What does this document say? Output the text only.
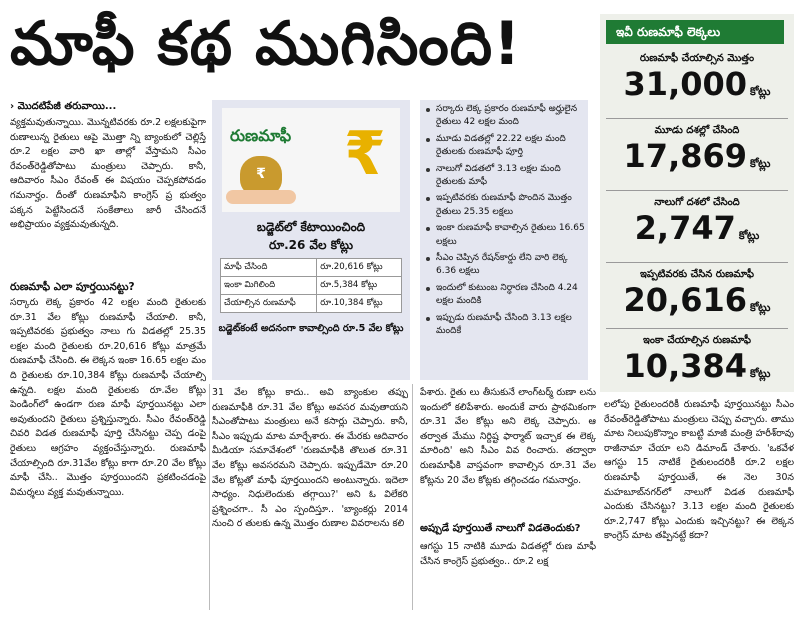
మాఫీ కథ ముగిసింది!
› మొదటిపేజీ తరువాయి...
వ్యక్తమవుతున్నాయి. మొన్నటివరకు రూ.2 లక్షలకుపైగా రుణాలున్న రైతులు ఆపై మొత్తా న్ని బ్యాంకులో చెల్లిస్తే రూ.2 లక్షల వారి ఖా తాల్లో వేస్తామని సీఎం రేవంత్‌రెడ్డితోపాటు మంత్రులు చెప్పారు. కానీ, ఆదివారం సీఎం రేవంత్ ఈ విషయం చెప్పకపోవడం గమనార్హం. దీంతో రుణమాఫీని కాంగ్రెస్ ప్ర భుత్వం పక్కన పెట్టేసిందనే సంకేతాలు జారీ చేసిందనే అభిప్రాయం వ్యక్తమవుతున్నది.
రుణమాఫీ ఎలా పూర్తయినట్టు?
సర్కారు లెక్క ప్రకారం 42 లక్షల మంది రైతులకు రూ.31 వేల కోట్లు రుణమాఫీ చేయాలి. కానీ, ఇప్పటివరకు ప్రభుత్వం నాలు గు విడతల్లో 25.35 లక్షల మంది రైతులకు రూ.20,616 కోట్లు మాత్రమే రుణమాఫీ చేసింది. ఈ లెక్కన ఇంకా 16.65 లక్షల మం ది రైతులకు రూ.10,384 కోట్లు రుణమాఫీ చేయాల్సి ఉన్నది. లక్షల మంది రైతులకు రూ.వేల కోట్లు పెండింగ్‌లో ఉండగా రుణ మాఫీ పూర్తయినట్టు ఎలా అవుతుందని రైతులు ప్రశ్నిస్తున్నారు. సీఎం రేవంత్‌రెడ్డి చివరి విడత రుణమాఫీ పూర్తి చేసినట్టు చెప్ప డంపై రైతులు ఆగ్రహం వ్యక్తంచేస్తున్నారు. రుణమాఫీ చేయాల్సింది రూ.31వేల కోట్లు కాగా రూ.20 వేల కోట్లు మాఫీ చేసి.. మొత్తం పూర్తయిందని ప్రకటించడంపై విమర్శలు వ్యక్త మవుతున్నాయి.
రుణమాఫీ
₹ ₹
బడ్జెట్‌లో కేటాయించింది
రూ.26 వేల కోట్లు
మాఫీ చేసింది	రూ.20,616 కోట్లు
ఇంకా మిగిలింది	రూ.5,384 కోట్లు
చేయాల్సిన రుణమాఫీ	రూ.10,384 కోట్లు
బడ్జెట్‌కంటే అదనంగా కావాల్సింది రూ.5 వేల కోట్లు
సర్కారు లెక్క ప్రకారం రుణమాఫీ అర్హులైన రైతులు 42 లక్షల మంది
మూడు విడతల్లో 22.22 లక్షల మంది రైతులకు రుణమాఫీ పూర్తి
నాలుగో విడతలో 3.13 లక్షల మంది రైతులకు మాఫీ
ఇప్పటివరకు రుణమాఫీ పొందిన మొత్తం రైతులు 25.35 లక్షలు
ఇంకా రుణమాఫీ కావాల్సిన రైతులు 16.65 లక్షలు
సీఎం చెప్పిన రేషన్‌కార్డు లేని వారి లెక్క 6.36 లక్షలు
ఇందులో కుటుంబ నిర్ధారణ చేసింది 4.24 లక్షల మందికి
ఇప్పుడు రుణమాఫీ చేసింది 3.13 లక్షల మందికే
31 వేల కోట్లు కాదు.. అవి బ్యాంకుల తప్పు రుణమాఫీకి రూ.31 వేల కోట్లు అవసర మవుతాయని సీఎంతోపాటు మంత్రులు అనే కసార్లు చెప్పారు. కానీ, సీఎం ఇప్పుడు మాట మార్చేశారు. ఈ మేరకు ఆదివారం మీడియా సమావేశంలో 'రుణమాఫీకి తొలుత రూ.31 వేల కోట్లు అవసరమని చెప్పారు. ఇప్పుడేమో రూ.20 వేల కోట్లతో మాఫీ పూర్తయిందని అంటున్నారు. ఇదెలా సాధ్యం. నిధులెందుకు తగ్గాయి?' అని ఓ విలేకరి ప్రశ్నించగా.. సీ ఎం స్పందిస్తూ.. 'బ్యాంకర్లు 2014 నుంచి ర తులకు ఉన్న మొత్తం రుణాల వివరాలను కలి
పేశారు. రైతు లు తీసుకునే లాంగ్‌టర్మ్ రుణా లను ఇందులో కలిపేశారు. అందుకే వారు ప్రాథమికంగా రూ.31 వేల కోట్లు అని లెక్క చెప్పారు. ఆ తర్వాత మేము నిర్దిష్ట ఫార్మాట్ ఇచ్చాక ఈ లెక్క మారింది' అని సీఎం వివ రించారు. తద్వారా రుణమాఫీకి వాస్తవంగా కావాల్సిన రూ.31 వేల కోట్లను 20 వేల కోట్లకు తగ్గించడం గమనార్హం.
అప్పుడే పూర్తయితే నాలుగో విడతెందుకు?
ఆగస్టు 15 నాటికి మూడు విడతల్లో రుణ మాఫీ చేసిన కాంగ్రెస్ ప్రభుత్వం.. రూ.2 లక్ష
ఇవీ రుణమాఫీ లెక్కలు
రుణమాఫీ చేయాల్సిన మొత్తం
31,000 కోట్లు
మూడు దశల్లో చేసింది
17,869 కోట్లు
నాలుగో దశలో చేసింది
2,747 కోట్లు
ఇప్పటివరకు చేసిన రుణమాఫీ
20,616 కోట్లు
ఇంకా చేయాల్సిన రుణమాఫీ
10,384 కోట్లు
లలోపు రైతులందరికీ రుణమాఫీ పూర్తయినట్టు సీఎం రేవంత్‌రెడ్డితోపాటు మంత్రులు చెప్పు వచ్చారు. తాము మాట నిలుపుకొన్నాం కాబట్టి మాజీ మంత్రి హరీశ్‌రావు రాజీనామా చేయా లని డిమాండ్ చేశారు. 'ఒకవేళ ఆగస్టు 15 నాటికే రైతులందరికీ రూ.2 లక్షల రుణమాఫీ పూర్తయితే, ఈ నెల 30న మహబూబ్‌నగర్‌లో నాలుగో విడత రుణమాఫీ ఎందుకు చేసినట్టు? 3.13 లక్షల మంది రైతులకు రూ.2,747 కోట్లు ఎందుకు ఇచ్చినట్టు? ఈ లెక్కన కాంగ్రెస్ మాట తప్పినట్టే కదా?
